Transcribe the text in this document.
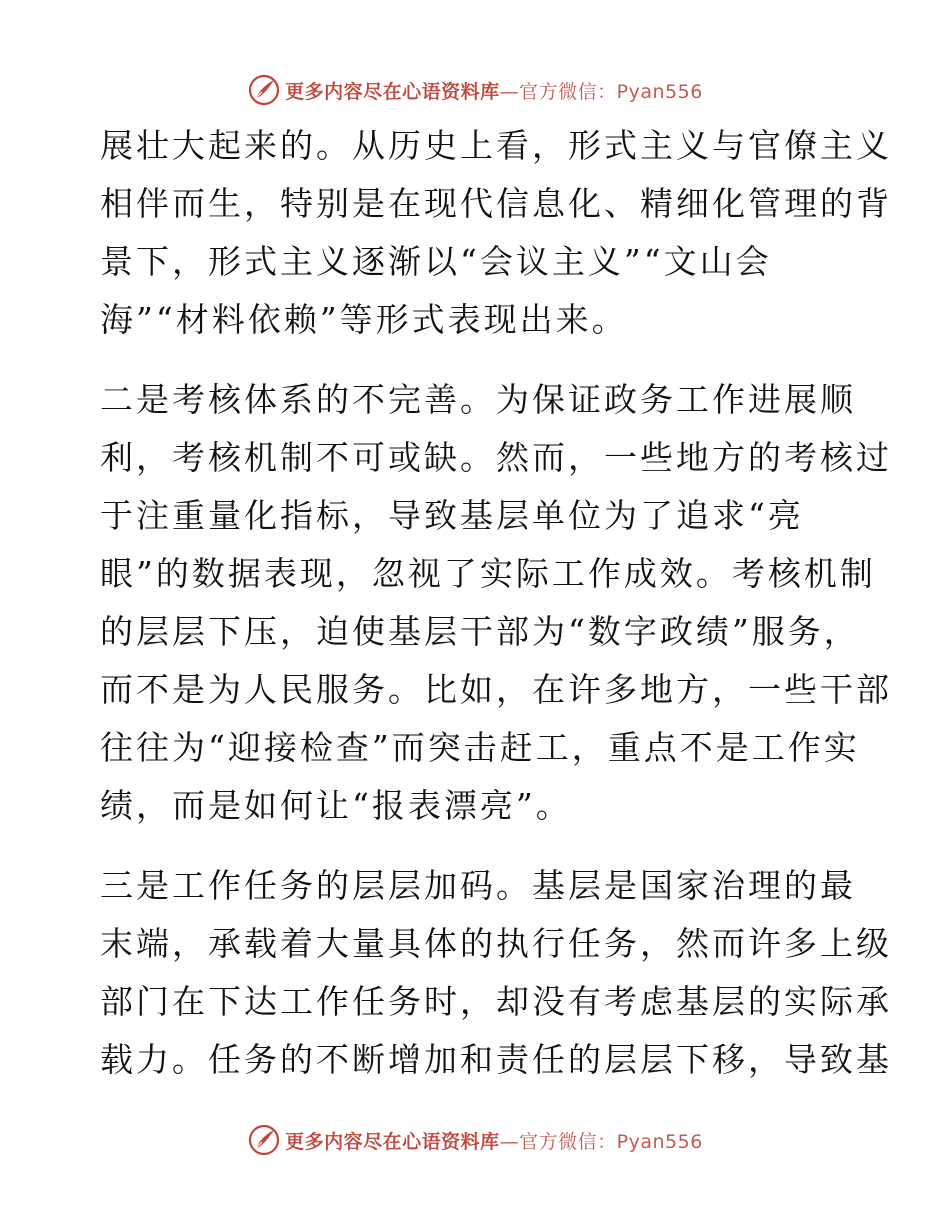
更多内容尽在心语资料库—官方微信：Pyan556
展壮大起来的。从历史上看，形式主义与官僚主义
相伴而生，特别是在现代信息化、精细化管理的背
景下，形式主义逐渐以“会议主义”“文山会
海”“材料依赖”等形式表现出来。
二是考核体系的不完善。为保证政务工作进展顺
利，考核机制不可或缺。然而，一些地方的考核过
于注重量化指标，导致基层单位为了追求“亮
眼”的数据表现，忽视了实际工作成效。考核机制
的层层下压，迫使基层干部为“数字政绩”服务，
而不是为人民服务。比如，在许多地方，一些干部
往往为“迎接检查”而突击赶工，重点不是工作实
绩，而是如何让“报表漂亮”。
三是工作任务的层层加码。基层是国家治理的最
末端，承载着大量具体的执行任务，然而许多上级
部门在下达工作任务时，却没有考虑基层的实际承
载力。任务的不断增加和责任的层层下移，导致基
更多内容尽在心语资料库—官方微信：Pyan556
